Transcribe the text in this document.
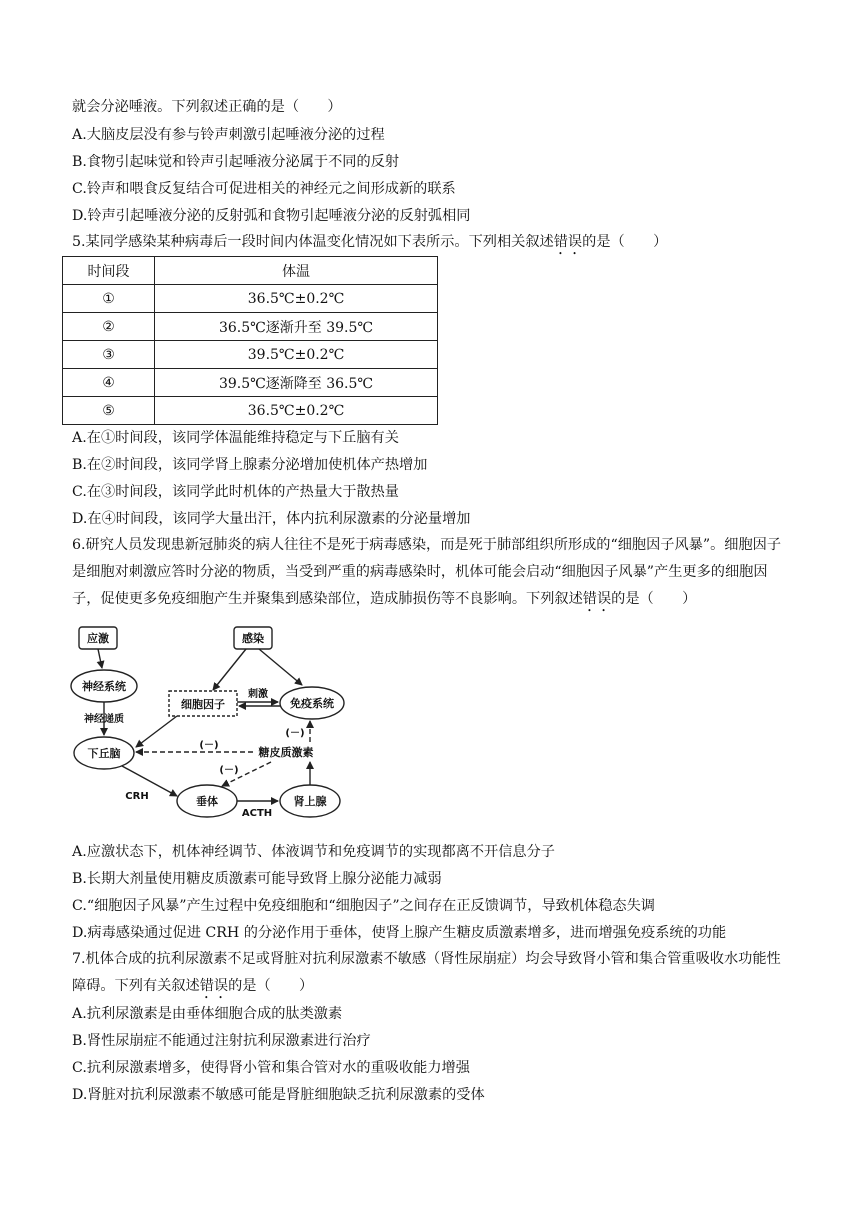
就会分泌唾液。下列叙述正确的是（　　）
A.大脑皮层没有参与铃声刺激引起唾液分泌的过程
B.食物引起味觉和铃声引起唾液分泌属于不同的反射
C.铃声和喂食反复结合可促进相关的神经元之间形成新的联系
D.铃声引起唾液分泌的反射弧和食物引起唾液分泌的反射弧相同
5.某同学感染某种病毒后一段时间内体温变化情况如下表所示。下列相关叙述错误的是（　　）
时间段	体温
①	36.5℃±0.2℃
②	36.5℃逐渐升至 39.5℃
③	39.5℃±0.2℃
④	39.5℃逐渐降至 36.5℃
⑤	36.5℃±0.2℃
A.在①时间段，该同学体温能维持稳定与下丘脑有关
B.在②时间段，该同学肾上腺素分泌增加使机体产热增加
C.在③时间段，该同学此时机体的产热量大于散热量
D.在④时间段，该同学大量出汗，体内抗利尿激素的分泌量增加
6.研究人员发现患新冠肺炎的病人往往不是死于病毒感染，而是死于肺部组织所形成的“细胞因子风暴”。细胞因子是细胞对刺激应答时分泌的物质，当受到严重的病毒感染时，机体可能会启动“细胞因子风暴”产生更多的细胞因子，促使更多免疫细胞产生并聚集到感染部位，造成肺损伤等不良影响。下列叙述错误的是（　　）
应激	感染
神经系统
细胞因子	免疫系统
下丘脑	糖皮质激素
垂体	肾上腺
神经递质
刺激
(－)
(－)
(－)
CRH
ACTH
A.应激状态下，机体神经调节、体液调节和免疫调节的实现都离不开信息分子
B.长期大剂量使用糖皮质激素可能导致肾上腺分泌能力减弱
C.“细胞因子风暴”产生过程中免疫细胞和“细胞因子”之间存在正反馈调节，导致机体稳态失调
D.病毒感染通过促进 CRH 的分泌作用于垂体，使肾上腺产生糖皮质激素增多，进而增强免疫系统的功能
7.机体合成的抗利尿激素不足或肾脏对抗利尿激素不敏感（肾性尿崩症）均会导致肾小管和集合管重吸收水功能性障碍。下列有关叙述错误的是（　　）
A.抗利尿激素是由垂体细胞合成的肽类激素
B.肾性尿崩症不能通过注射抗利尿激素进行治疗
C.抗利尿激素增多，使得肾小管和集合管对水的重吸收能力增强
D.肾脏对抗利尿激素不敏感可能是肾脏细胞缺乏抗利尿激素的受体
